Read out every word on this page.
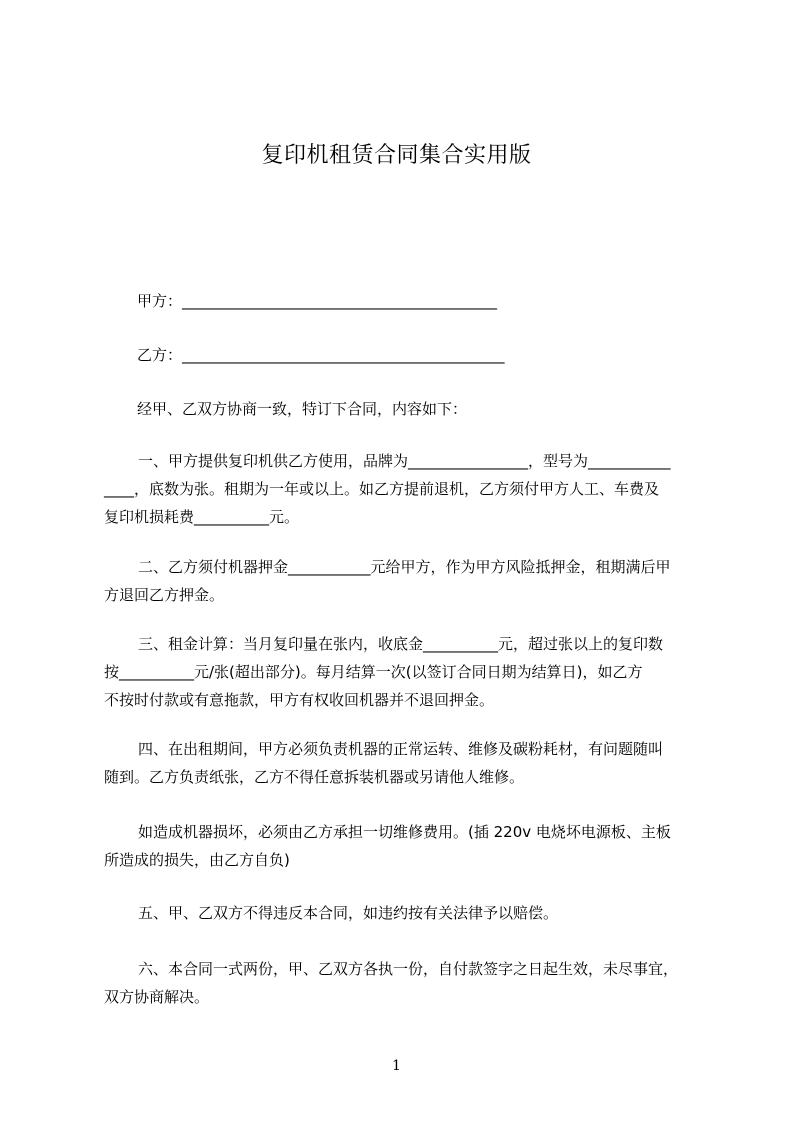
复印机租赁合同集合实用版
甲方：__________________________________________
乙方：___________________________________________
经甲、乙双方协商一致，特订下合同，内容如下：
一、甲方提供复印机供乙方使用，品牌为________________，型号为___________
____，底数为张。租期为一年或以上。如乙方提前退机，乙方须付甲方人工、车费及
复印机损耗费__________元。
二、乙方须付机器押金___________元给甲方，作为甲方风险抵押金，租期满后甲
方退回乙方押金。
三、租金计算：当月复印量在张内，收底金__________元，超过张以上的复印数
按__________元/张(超出部分)。每月结算一次(以签订合同日期为结算日)，如乙方
不按时付款或有意拖款，甲方有权收回机器并不退回押金。
四、在出租期间，甲方必须负责机器的正常运转、维修及碳粉耗材，有问题随叫
随到。乙方负责纸张，乙方不得任意拆装机器或另请他人维修。
如造成机器损坏，必须由乙方承担一切维修费用。(插 220v 电烧坏电源板、主板
所造成的损失，由乙方自负)
五、甲、乙双方不得违反本合同，如违约按有关法律予以赔偿。
六、本合同一式两份，甲、乙双方各执一份，自付款签字之日起生效，未尽事宜，
双方协商解决。
1
